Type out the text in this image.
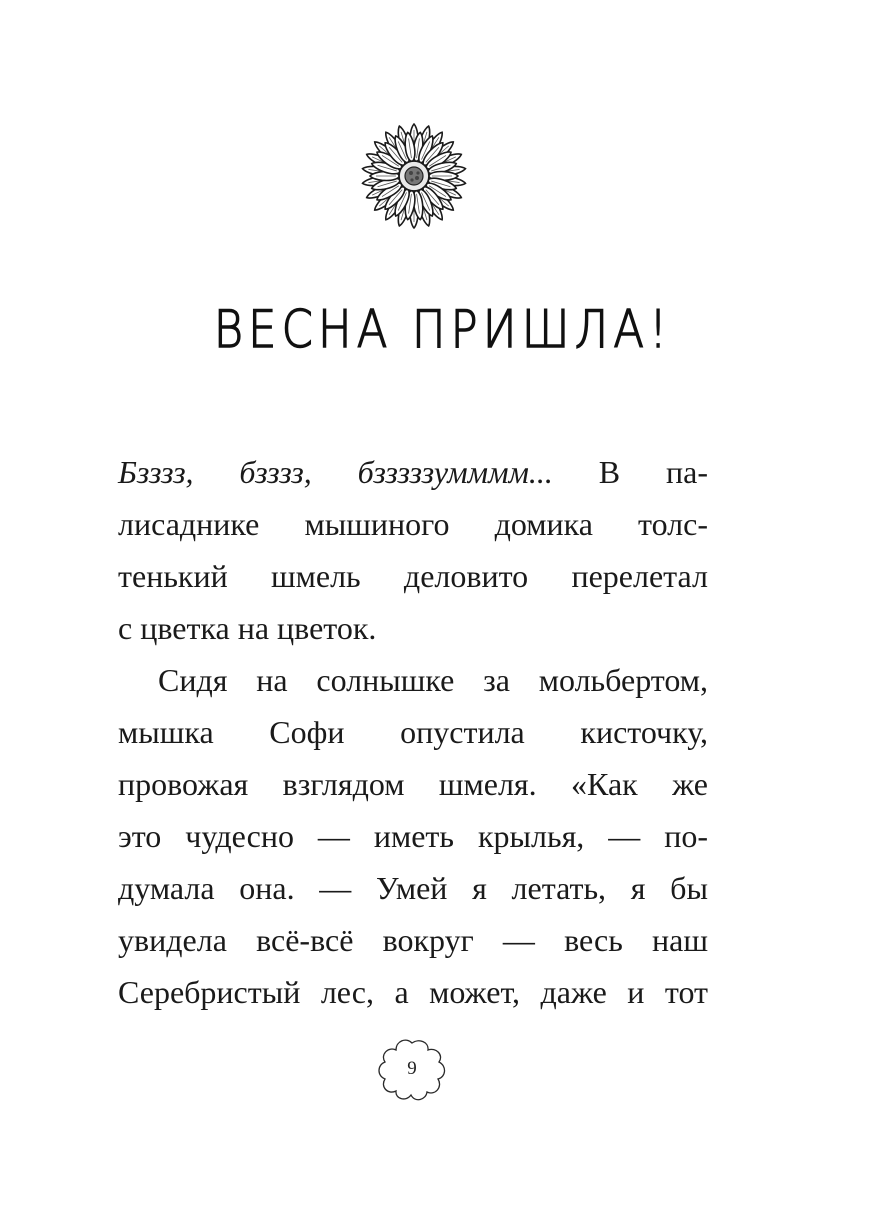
ВЕСНА ПРИШЛА!
Бзззз, бзззз, бзззззумммм... В па-
лисаднике мышиного домика толс-
тенький шмель деловито перелетал
с цветка на цветок.
Сидя на солнышке за мольбертом,
мышка Софи опустила кисточку,
провожая взглядом шмеля. «Как же
это чудесно — иметь крылья, — по-
думала она. — Умей я летать, я бы
увидела всё-всё вокруг — весь наш
Серебристый лес, а может, даже и тот
9
